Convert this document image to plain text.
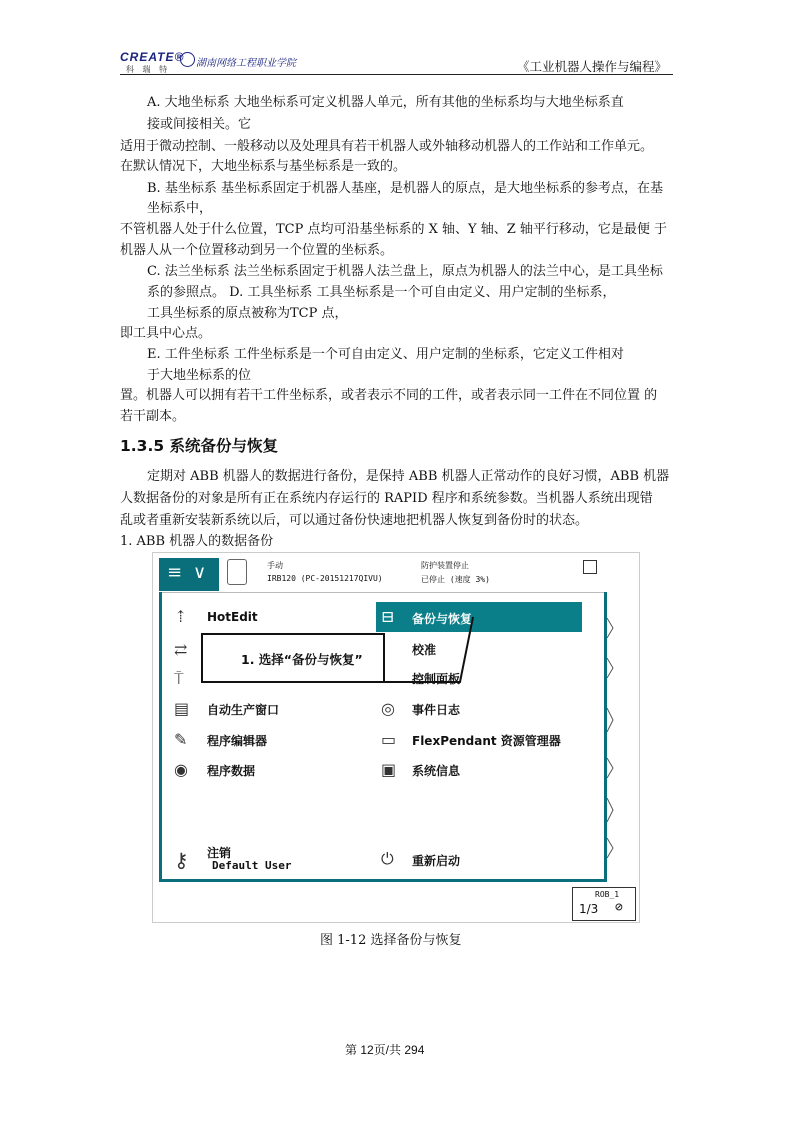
CREATE®
科 瑞 特
湖南网络工程职业学院	《工业机器人操作与编程》

A. 大地坐标系 大地坐标系可定义机器人单元，所有其他的坐标系均与大地坐标系直

接或间接相关。它

适用于微动控制、一般移动以及处理具有若干机器人或外轴移动机器人的工作站和工作单元。

在默认情况下，大地坐标系与基坐标系是一致的。

B. 基坐标系 基坐标系固定于机器人基座，是机器人的原点，是大地坐标系的参考点，在基

坐标系中，

不管机器人处于什么位置，TCP 点均可沿基坐标系的 X 轴、Y 轴、Z 轴平行移动，它是最便 于

机器人从一个位置移动到另一个位置的坐标系。

C. 法兰坐标系 法兰坐标系固定于机器人法兰盘上，原点为机器人的法兰中心，是工具坐标

系的参照点。 D. 工具坐标系 工具坐标系是一个可自由定义、用户定制的坐标系，

工具坐标系的原点被称为TCP 点，

即工具中心点。

E. 工件坐标系 工件坐标系是一个可自由定义、用户定制的坐标系，它定义工件相对

于大地坐标系的位

置。机器人可以拥有若干工件坐标系，或者表示不同的工件，或者表示同一工件在不同位置 的

若干副本。

1.3.5 系统备份与恢复

定期对 ABB 机器人的数据进行备份，是保持 ABB 机器人正常动作的良好习惯，ABB 机器

人数据备份的对象是所有正在系统内存运行的 RAPID 程序和系统参数。当机器人系统出现错

乱或者重新安装新系统以后，可以通过备份快速地把机器人恢复到备份时的状态。

1. ABB 机器人的数据备份

手动
IRB120 (PC-20151217QIVU)
防护装置停止
已停止 (速度 3%)
≡ ∨
⇡ HotEdit
⇄
⍑
▤ 自动生产窗口
✎ 程序编辑器
◉ 程序数据
⊟ 备份与恢复
校准
控制面板
◎ 事件日志
▭ FlexPendant 资源管理器
▣ 系统信息
⚷ 注销
Default User	⏻ 重新启动
ROB_1
1/3 ⊘
1. 选择“备份与恢复”
图 1-12 选择备份与恢复
第 12页/共 294
